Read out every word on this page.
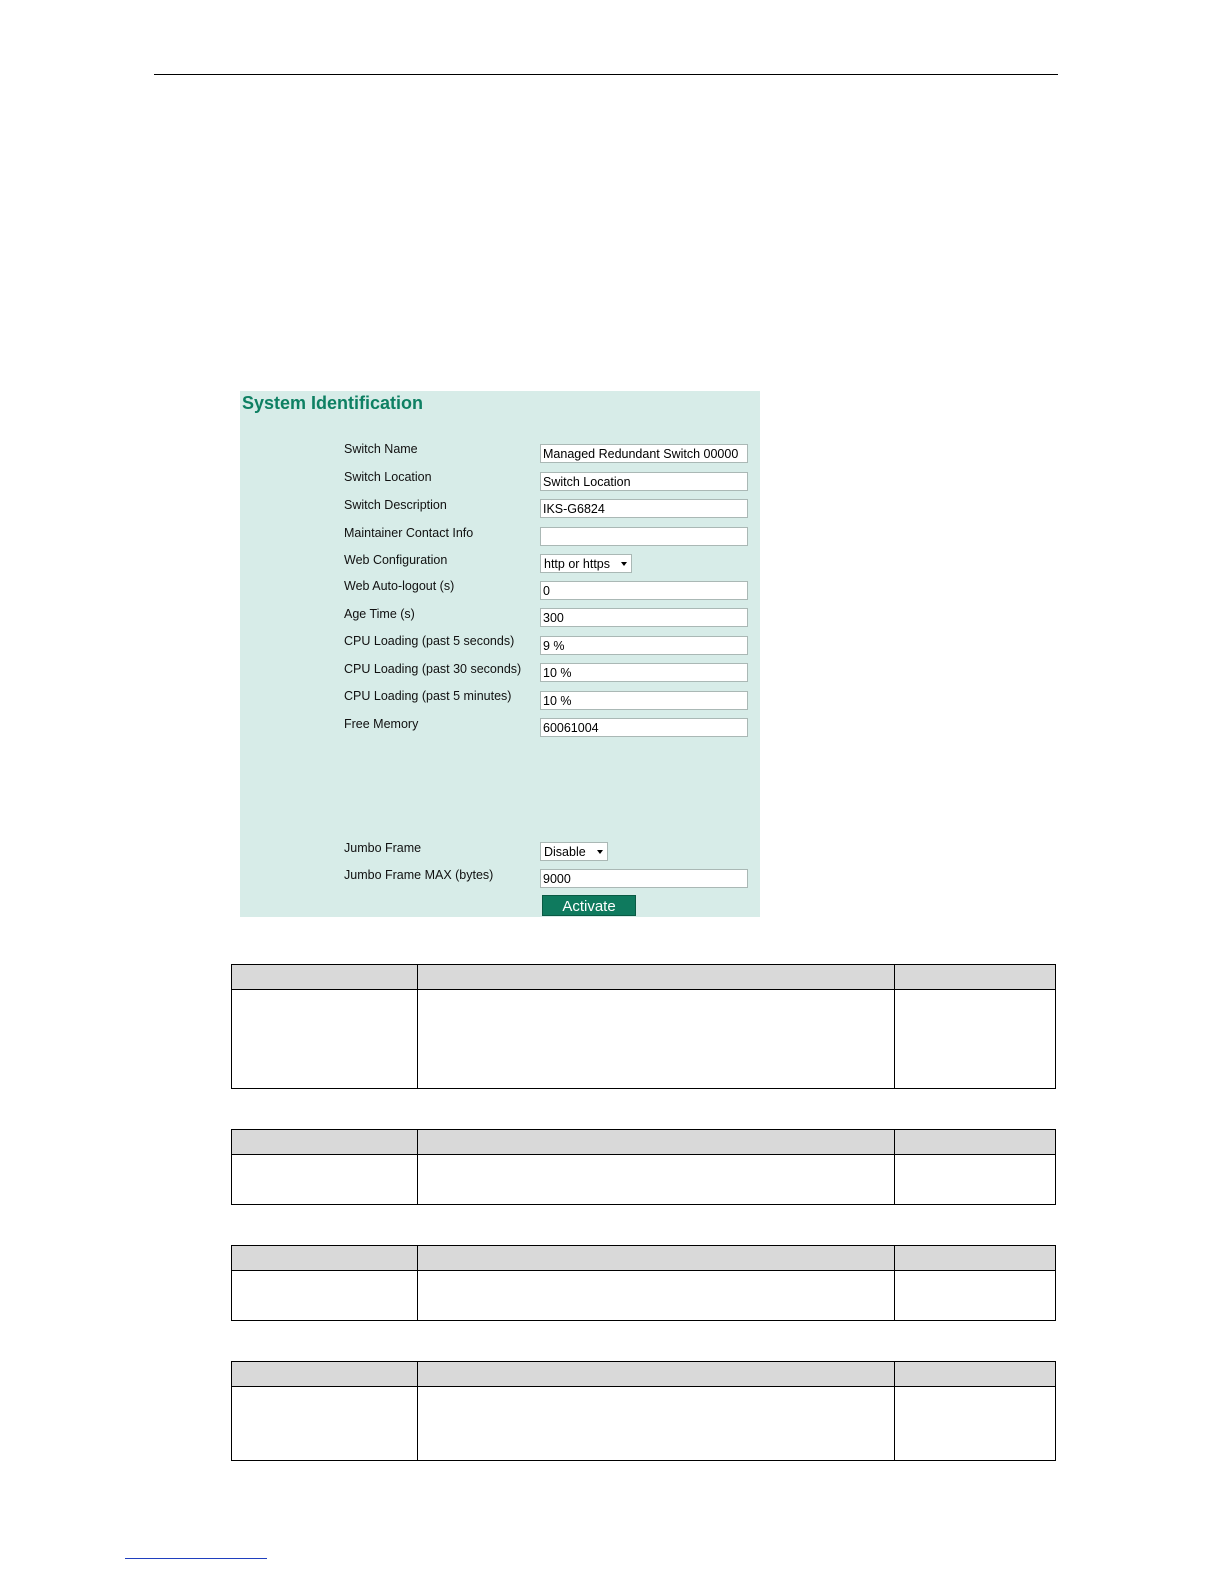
System Identification
Switch Name	Managed Redundant Switch 00000
Switch Location	Switch Location
Switch Description	IKS-G6824
Maintainer Contact Info
Web Configuration	http or https
Web Auto-logout (s)	0
Age Time (s)	300
CPU Loading (past 5 seconds) 9 %
CPU Loading (past 30 seconds) 10 %
CPU Loading (past 5 minutes)	10 %
Free Memory	60061004
Jumbo Frame	Disable
Jumbo Frame MAX (bytes)	9000
Activate
